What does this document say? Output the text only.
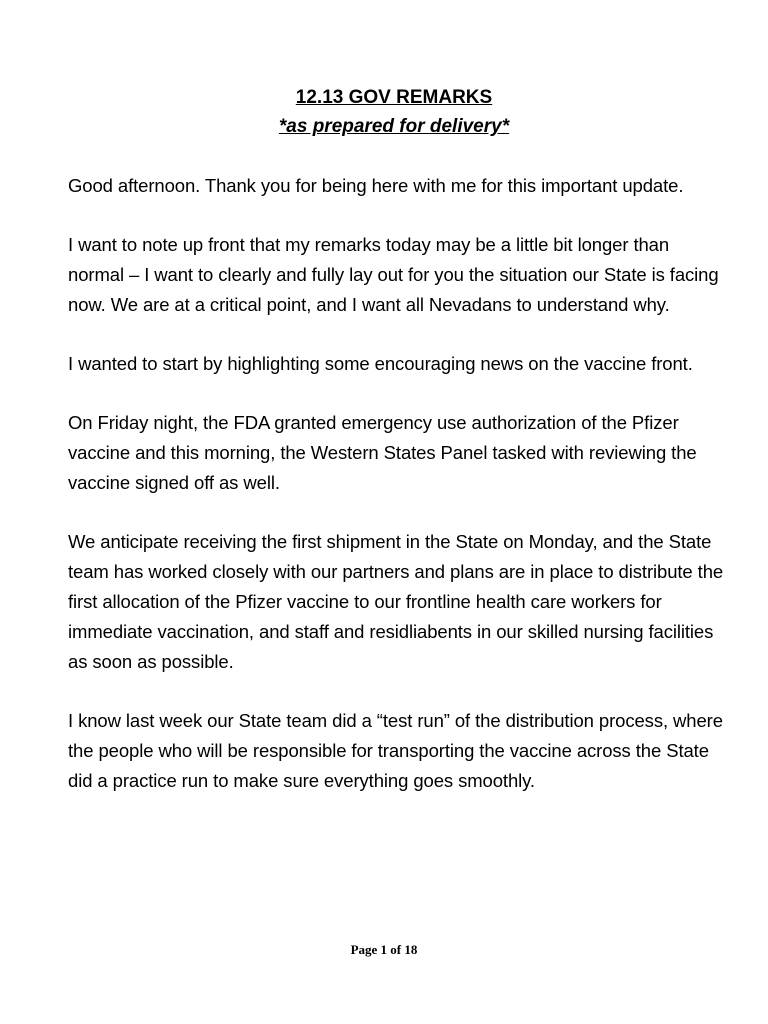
12.13 GOV REMARKS

*as prepared for delivery*

Good afternoon. Thank you for being here with me for this important update.

I want to note up front that my remarks today may be a little bit longer than normal – I want to clearly and fully lay out for you the situation our State is facing now. We are at a critical point, and I want all Nevadans to understand why.

I wanted to start by highlighting some encouraging news on the vaccine front.

On Friday night, the FDA granted emergency use authorization of the Pfizer vaccine and this morning, the Western States Panel tasked with reviewing the vaccine signed off as well.

We anticipate receiving the first shipment in the State on Monday, and the State team has worked closely with our partners and plans are in place to distribute the first allocation of the Pfizer vaccine to our frontline health care workers for immediate vaccination, and staff and residliabents in our skilled nursing facilities as soon as possible.

I know last week our State team did a “test run” of the distribution process, where the people who will be responsible for transporting the vaccine across the State did a practice run to make sure everything goes smoothly.

Page 1 of 18
